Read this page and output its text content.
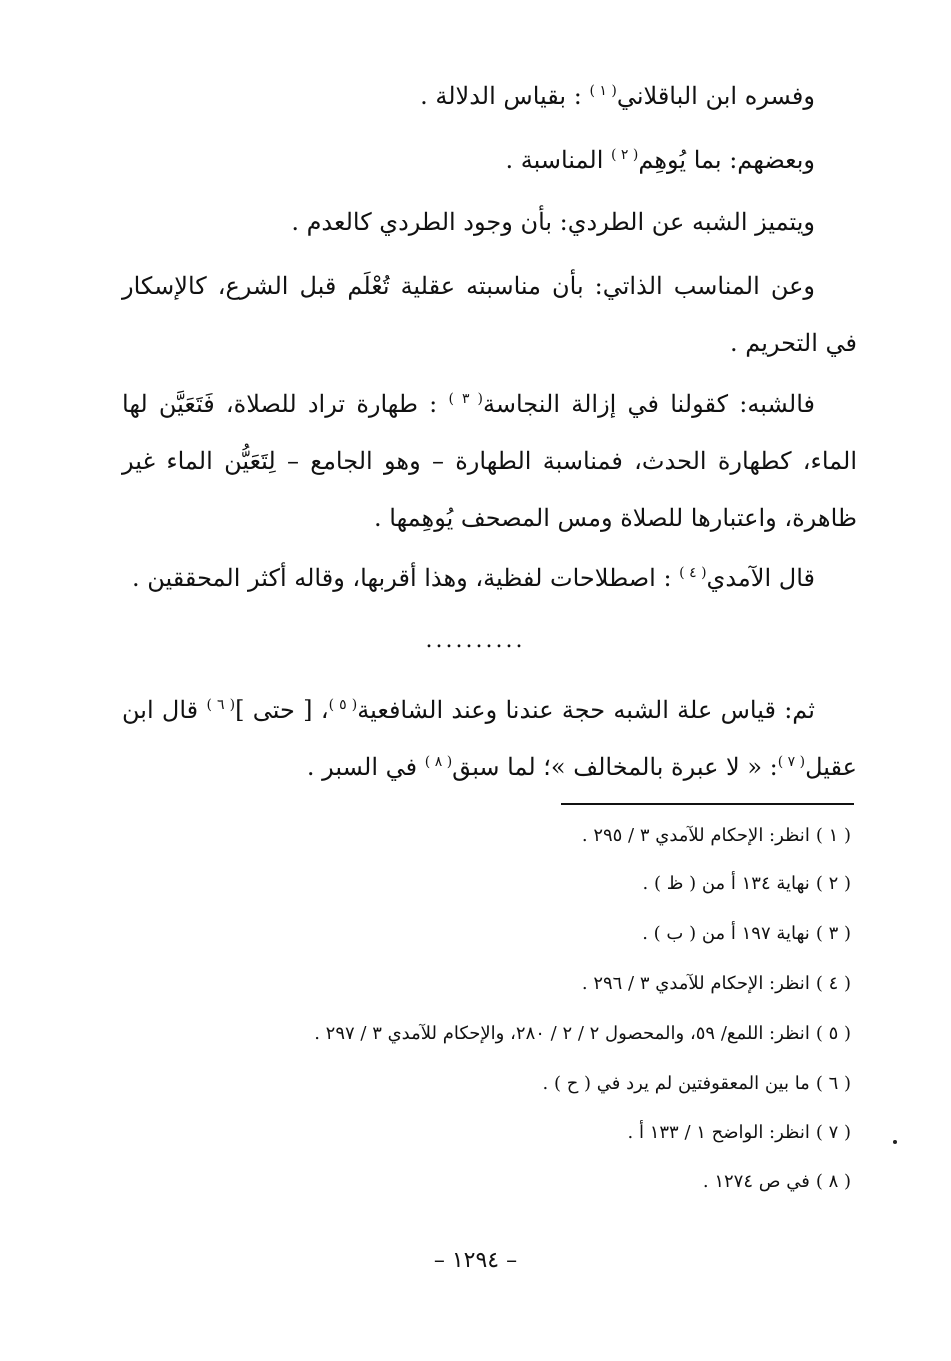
وفسره ابن الباقلاني$^{( ١ )}$ : بقياس الدلالة .
وبعضهم: بما يُوهِم$^{( ٢ )}$ المناسبة .
ويتميز الشبه عن الطردي: بأن وجود الطردي كالعدم .
وعن المناسب الذاتي: بأن مناسبته عقلية تُعْلَم قبل الشرع، كالإسكار في التحريم .
فالشبه: كقولنا في إزالة النجاسة$^{( ٣ )}$ : طهارة تراد للصلاة، فَتَعَيَّن لها الماء، كطهارة الحدث، فمناسبة الطهارة – وهو الجامع – لِتَعَيُّن الماء غير ظاهرة، واعتبارها للصلاة ومس المصحف يُوهِمها .
قال الآمدي$^{( ٤ )}$ : اصطلاحات لفظية، وهذا أقربها، وقاله أكثر المحققين .
..........
ثم: قياس علة الشبه حجة عندنا وعند الشافعية$^{( ٥ )}$، [ حتى ]$^{( ٦ )}$ قال ابن عقيل$^{( ٧ )}$: « لا عبرة بالمخالف »؛ لما سبق$^{( ٨ )}$ في السبر .
( ١ )انظر: الإحكام للآمدي ٣ / ٢٩٥ .
( ٢ )نهاية ١٣٤ أ من ( ظ ) .
( ٣ )نهاية ١٩٧ أ من ( ب ) .
( ٤ )انظر: الإحكام للآمدي ٣ / ٢٩٦ .
( ٥ )انظر: اللمع/ ٥٩، والمحصول ٢ / ٢ / ٢٨٠، والإحكام للآمدي ٣ / ٢٩٧ .
( ٦ )ما بين المعقوفتين لم يرد في ( ح ) .
( ٧ )انظر: الواضح ١ / ١٣٣ أ .
( ٨ )في ص ١٢٧٤ .
– ١٢٩٤ –
